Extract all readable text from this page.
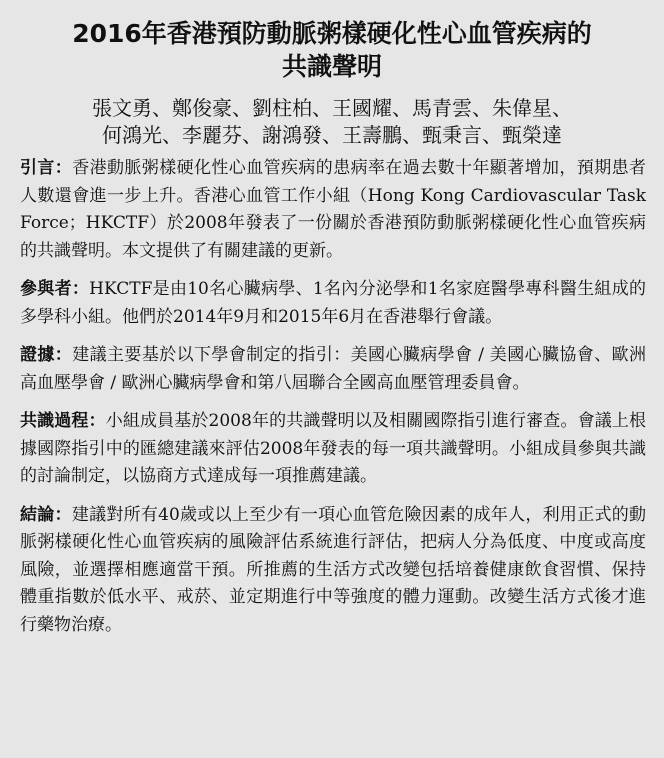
2016年香港預防動脈粥樣硬化性心血管疾病的
共識聲明
張文勇、鄭俊豪、劉柱柏、王國耀、馬青雲、朱偉星、
何鴻光、李麗芬、謝鴻發、王壽鵬、甄秉言、甄榮達

引言：香港動脈粥樣硬化性心血管疾病的患病率在過去數十年顯著增加，預期患者人數還會進一步上升。香港心血管工作小組（Hong Kong Cardiovascular Task Force；HKCTF）於2008年發表了一份關於香港預防動脈粥樣硬化性心血管疾病的共識聲明。本文提供了有關建議的更新。

參與者：HKCTF是由10名心臟病學、1名內分泌學和1名家庭醫學專科醫生組成的多學科小組。他們於2014年9月和2015年6月在香港舉行會議。

證據：建議主要基於以下學會制定的指引：美國心臟病學會 / 美國心臟協會、歐洲高血壓學會 / 歐洲心臟病學會和第八屆聯合全國高血壓管理委員會。

共識過程：小組成員基於2008年的共識聲明以及相關國際指引進行審查。會議上根據國際指引中的匯總建議來評估2008年發表的每一項共識聲明。小組成員參與共識的討論制定，以協商方式達成每一項推薦建議。

結論：建議對所有40歲或以上至少有一項心血管危險因素的成年人，利用正式的動脈粥樣硬化性心血管疾病的風險評估系統進行評估，把病人分為低度、中度或高度風險，並選擇相應適當干預。所推薦的生活方式改變包括培養健康飲食習慣、保持體重指數於低水平、戒菸、並定期進行中等強度的體力運動。改變生活方式後才進行藥物治療。
